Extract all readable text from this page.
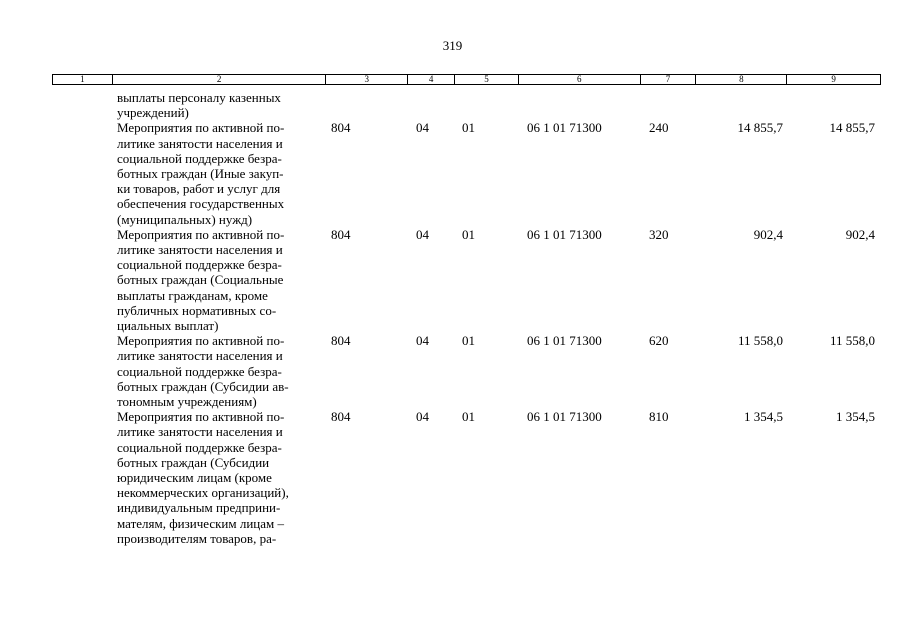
319
1	2	3	4	5	6	7	8	9
выплаты персоналу казенных
учреждений)
Мероприятия по активной по-
литике занятости населения и
социальной поддержке безра-
ботных граждан (Иные закуп-
ки товаров, работ и услуг для
обеспечения государственных
(муниципальных) нужд)
804	04	01	06 1 01 71300	240	14 855,7	14 855,7
Мероприятия по активной по-
литике занятости населения и
социальной поддержке безра-
ботных граждан (Социальные
выплаты гражданам, кроме
публичных нормативных со-
циальных выплат)
804	04	01	06 1 01 71300	320	902,4	902,4
Мероприятия по активной по-
литике занятости населения и
социальной поддержке безра-
ботных граждан (Субсидии ав-
тономным учреждениям)
804	04	01	06 1 01 71300	620	11 558,0	11 558,0
Мероприятия по активной по-
литике занятости населения и
социальной поддержке безра-
ботных граждан (Субсидии
юридическим лицам (кроме
некоммерческих организаций),
индивидуальным предприни-
мателям, физическим лицам –
производителям товаров, ра-
804	04	01	06 1 01 71300	810	1 354,5	1 354,5
